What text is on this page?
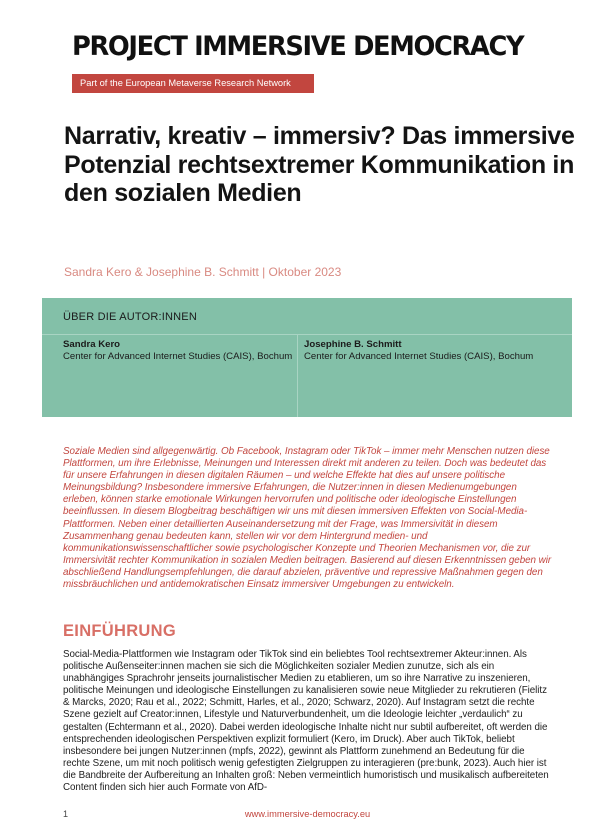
PROJECT IMMERSIVE DEMOCRACY
Part of the European Metaverse Research Network
Narrativ, kreativ – immersiv? Das immersive Potenzial rechtsextremer Kommunikation in den sozialen Medien
Sandra Kero & Josephine B. Schmitt | Oktober 2023
ÜBER DIE AUTOR:INNEN
Sandra Kero
Center for Advanced Internet Studies (CAIS), Bochum
Josephine B. Schmitt
Center for Advanced Internet Studies (CAIS), Bochum

Soziale Medien sind allgegenwärtig. Ob Facebook, Instagram oder TikTok – immer mehr Menschen nutzen diese Plattformen, um ihre Erlebnisse, Meinungen und Interessen direkt mit anderen zu teilen. Doch was bedeutet das für unsere Erfahrungen in diesen digitalen Räumen – und welche Effekte hat dies auf unsere politische Meinungsbildung? Insbesondere immersive Erfahrungen, die Nutzer:innen in diesen Medienumgebungen erleben, können starke emotionale Wirkungen hervorrufen und politische oder ideologische Einstellungen beeinflussen. In diesem Blogbeitrag beschäftigen wir uns mit diesen immersiven Effekten von Social-Media-Plattformen. Neben einer detaillierten Auseinandersetzung mit der Frage, was Immersivität in diesem Zusammenhang genau bedeuten kann, stellen wir vor dem Hintergrund medien- und kommunikationswissenschaftlicher sowie psychologischer Konzepte und Theorien Mechanismen vor, die zur Immersivität rechter Kommunikation in sozialen Medien beitragen. Basierend auf diesen Erkenntnissen geben wir abschließend Handlungsempfehlungen, die darauf abzielen, präventive und repressive Maßnahmen gegen den missbräuchlichen und antidemokratischen Einsatz immersiver Umgebungen zu entwickeln.

EINFÜHRUNG

Social-Media-Plattformen wie Instagram oder TikTok sind ein beliebtes Tool rechtsextremer Akteur:innen. Als politische Außenseiter:innen machen sie sich die Möglichkeiten sozialer Medien zunutze, sich als ein unabhängiges Sprachrohr jenseits journalistischer Medien zu etablieren, um so ihre Narrative zu inszenieren, politische Meinungen und ideologische Einstellungen zu kanalisieren sowie neue Mitglieder zu rekrutieren (Fielitz & Marcks, 2020; Rau et al., 2022; Schmitt, Harles, et al., 2020; Schwarz, 2020). Auf Instagram setzt die rechte Szene gezielt auf Creator:innen, Lifestyle und Naturverbundenheit, um die Ideologie leichter „verdaulich“ zu gestalten (Echtermann et al., 2020). Dabei werden ideologische Inhalte nicht nur subtil aufbereitet, oft werden die entsprechenden ideologischen Perspektiven explizit formuliert (Kero, im Druck). Aber auch TikTok, beliebt insbesondere bei jungen Nutzer:innen (mpfs, 2022), gewinnt als Plattform zunehmend an Bedeutung für die rechte Szene, um mit noch politisch wenig gefestigten Zielgruppen zu interagieren (pre:bunk, 2023). Auch hier ist die Bandbreite der Aufbereitung an Inhalten groß: Neben vermeintlich humoristisch und musikalisch aufbereiteten Content finden sich hier auch Formate von AfD-

1	www.immersive-democracy.eu
